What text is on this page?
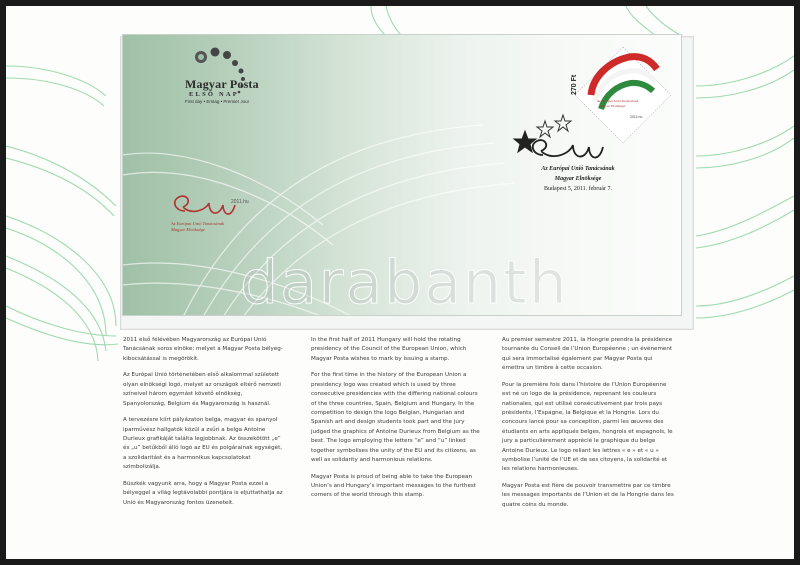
Magyar Posta
ELSŐ NAP
First day • Erstag • Premier Jour
2011.hu
Az Európai Unió Tanácsának
Magyar Elnöksége
270 Ft
Az Európai Unió Tanácsának
Magyar Elnöksége
2011.hu
Az Európai Unió Tanácsának
Magyar Elnöksége
Budapest 5, 2011. február 7.
darabanth

2011 első félévében Magyarország az Európai Unió Tanácsának soros elnöke; melyet a Magyar Posta bélyeg-kibocsátással is megörökít.

Az Európai Unió történetében első alkalommal született olyan elnökségi logó, melyet az országok eltérő nemzeti színeivel három egymást követő elnökség, Spanyolország, Belgium és Magyarország is használ.

A tervezésre kiírt pályázaton belga, magyar és spanyol iparművész hallgatók közül a zsűri a belga Antoine Durieux grafikáját találta legjobbnak. Az összekötött „e” és „u” betűkből álló logó az EU és polgárainak egységét, a szolidaritást és a harmonikus kapcsolatokat szimbolizálja.

Büszkék vagyunk arra, hogy a Magyar Posta ezzel a bélyeggel a világ legtávolabbi pontjára is eljuttathatja az Unió és Magyarország fontos üzeneteit.

In the first half of 2011 Hungary will hold the rotating presidency of the Council of the European Union, which Magyar Posta wishes to mark by issuing a stamp.

For the first time in the history of the European Union a presidency logo was created which is used by three consecutive presidencies with the differing national colours of the three countries, Spain, Belgium and Hungary. In the competition to design the logo Belgian, Hungarian and Spanish art and design students took part and the jury judged the graphics of Antoine Durieux from Belgium as the best. The logo employing the letters “e” and “u” linked together symbolises the unity of the EU and its citizens, as well as solidarity and harmonious relations.

Magyar Posta is proud of being able to take the European Union’s and Hungary’s important messages to the furthest corners of the world through this stamp.

Au premier semestre 2011, la Hongrie prendra la présidence tournante du Conseil de l’Union Européenne ; un événement qui sera immortalisé également par Magyar Posta qui émettra un timbre à cette occasion.

Pour la première fois dans l’histoire de l’Union Européenne est né un logo de la présidence, reprenant les couleurs nationales, qui est utilisé consécutivement par trois pays présidents, l’Espagne, la Belgique et la Hongrie. Lors du concours lancé pour sa conception, parmi les œuvres des étudiants en arts appliqués belges, hongrois et espagnols, le jury a particulièrement apprécié le graphique du belge Antoine Durieux. Le logo reliant les lettres « e » et « u » symbolise l’unité de l’UE et de ses citoyens, la solidarité et les relations harmonieuses.

Magyar Posta est fière de pouvoir transmettre par ce timbre les messages importants de l’Union et de la Hongrie dans les quatre coins du monde.
